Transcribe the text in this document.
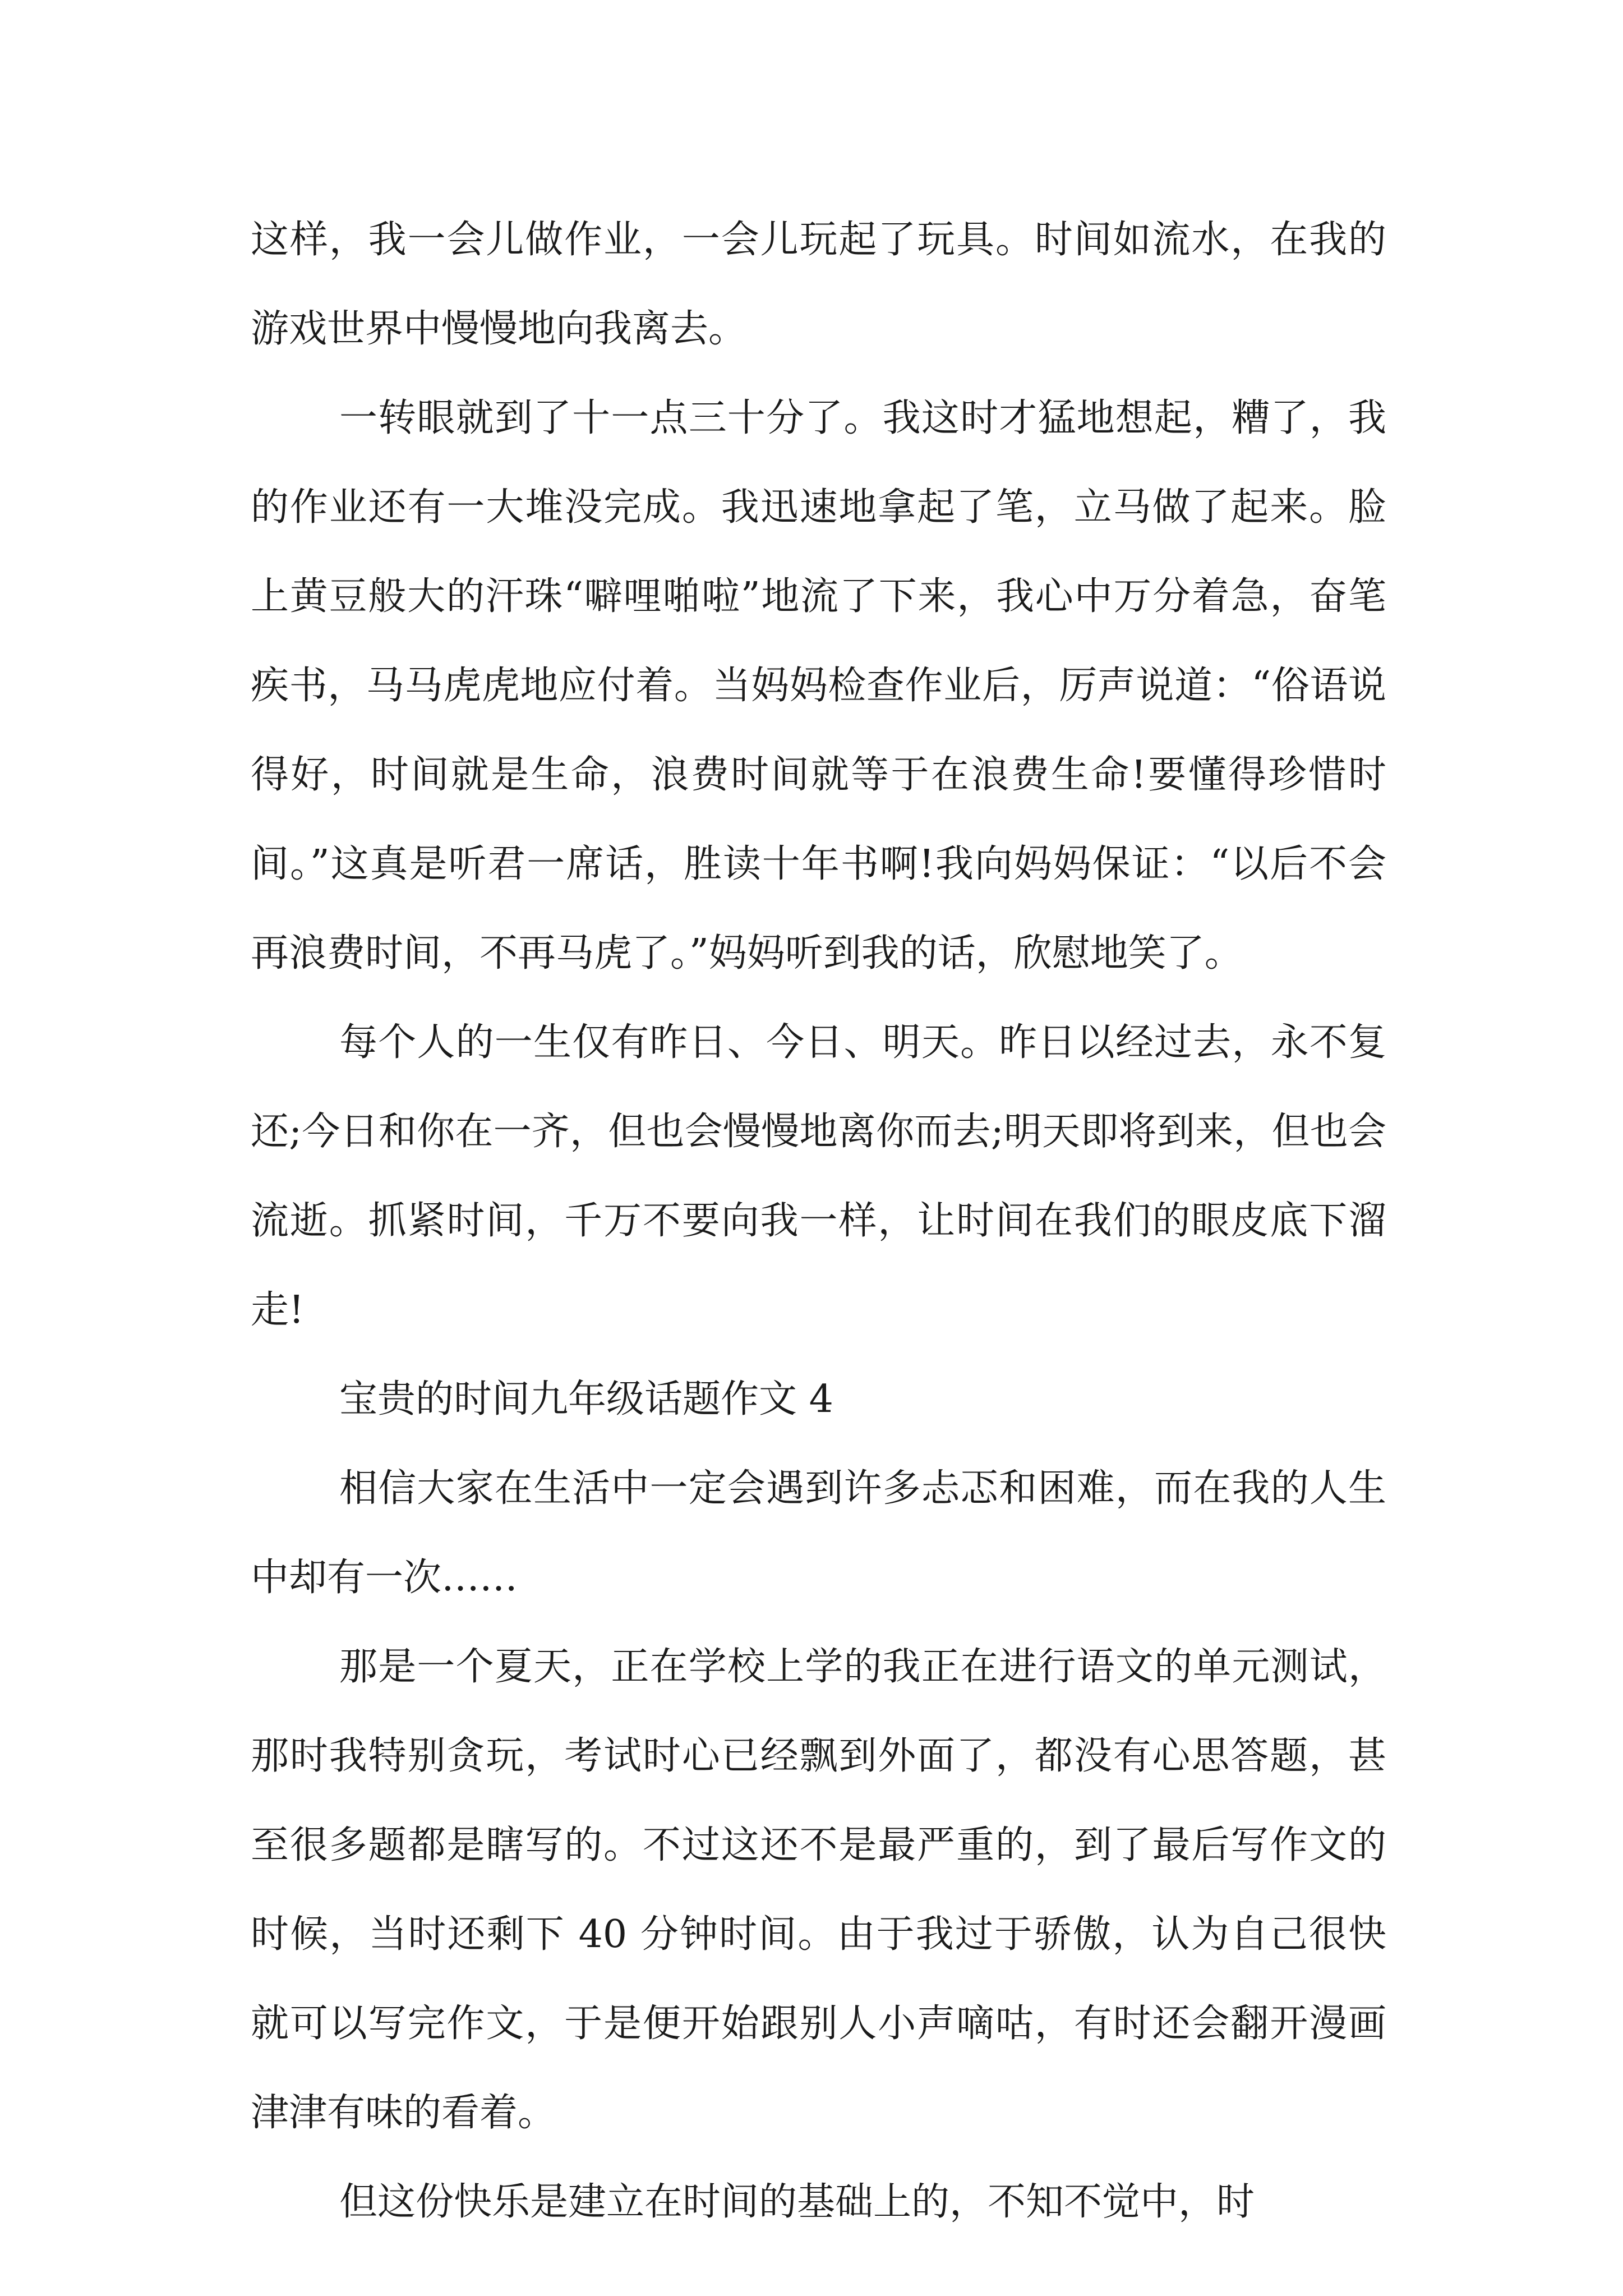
这样，我一会儿做作业，一会儿玩起了玩具。时间如流水，在我的游戏世界中慢慢地向我离去。

一转眼就到了十一点三十分了。我这时才猛地想起，糟了，我的作业还有一大堆没完成。我迅速地拿起了笔，立马做了起来。脸上黄豆般大的汗珠“噼哩啪啦”地流了下来，我心中万分着急，奋笔疾书，马马虎虎地应付着。当妈妈检查作业后，厉声说道：“俗语说得好，时间就是生命，浪费时间就等于在浪费生命!要懂得珍惜时间。”这真是听君一席话，胜读十年书啊!我向妈妈保证：“以后不会再浪费时间，不再马虎了。”妈妈听到我的话，欣慰地笑了。

每个人的一生仅有昨日、今日、明天。昨日以经过去，永不复还;今日和你在一齐，但也会慢慢地离你而去;明天即将到来，但也会流逝。抓紧时间，千万不要向我一样，让时间在我们的眼皮底下溜走!

宝贵的时间九年级话题作文 4

相信大家在生活中一定会遇到许多忐忑和困难，而在我的人生中却有一次……

那是一个夏天，正在学校上学的我正在进行语文的单元测试，那时我特别贪玩，考试时心已经飘到外面了，都没有心思答题，甚至很多题都是瞎写的。不过这还不是最严重的，到了最后写作文的时候，当时还剩下 40 分钟时间。由于我过于骄傲，认为自己很快就可以写完作文，于是便开始跟别人小声嘀咕，有时还会翻开漫画津津有味的看着。

但这份快乐是建立在时间的基础上的，不知不觉中，时
